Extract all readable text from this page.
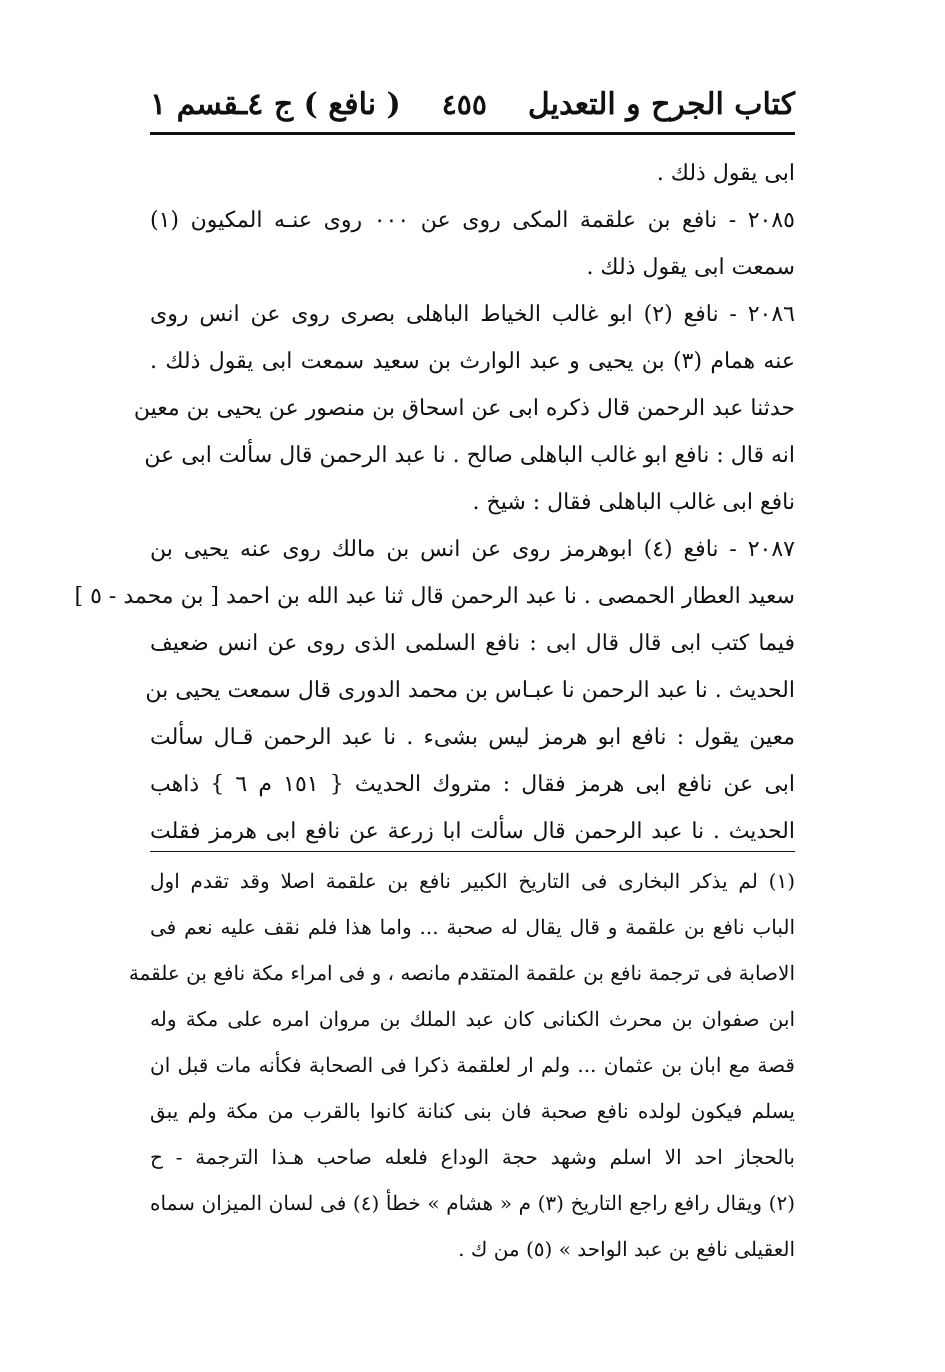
كتاب الجرح و التعديل
٤٥٥
( نافع ) ج ٤ـقسم ١
ابى يقول ذلك .
٢٠٨٥ - نافع بن علقمة المكى روى عن ٠٠٠ روى عنـه المكيون (١)
سمعت ابى يقول ذلك .
٢٠٨٦ - نافع (٢) ابو غالب الخياط الباهلى بصرى روى عن انس روى
عنه همام (٣) بن يحيى و عبد الوارث بن سعيد سمعت ابى يقول ذلك .
حدثنا عبد الرحمن قال ذكره ابى عن اسحاق بن منصور عن يحيى بن معين
انه قال : نافع ابو غالب الباهلى صالح . نا عبد الرحمن قال سألت ابى عن
نافع ابى غالب الباهلى فقال : شيخ .
٢٠٨٧ - نافع (٤) ابوهرمز روى عن انس بن مالك روى عنه يحيى بن
سعيد العطار الحمصى . نا عبد الرحمن قال ثنا عبد الله بن احمد [ بن محمد - ٥ ]
فيما كتب ابى قال قال ابى : نافع السلمى الذى روى عن انس ضعيف
الحديث . نا عبد الرحمن نا عبـاس بن محمد الدورى قال سمعت يحيى بن
معين يقول : نافع ابو هرمز ليس بشىء . نا عبد الرحمن قـال سألت
ابى عن نافع ابى هرمز فقال : متروك الحديث { ١٥١ م ٦ } ذاهب
الحديث . نا عبد الرحمن قال سألت ابا زرعة عن نافع ابى هرمز فقلت
(١) لم يذكر البخارى فى التاريخ الكبير نافع بن علقمة اصلا وقد تقدم اول
الباب نافع بن علقمة و قال يقال له صحبة ... واما هذا فلم نقف عليه نعم فى
الاصابة فى ترجمة نافع بن علقمة المتقدم مانصه ، و فى امراء مكة نافع بن علقمة
ابن صفوان بن محرث الكنانى كان عبد الملك بن مروان امره على مكة وله
قصة مع ابان بن عثمان ... ولم ار لعلقمة ذكرا فى الصحابة فكأنه مات قبل ان
يسلم فيكون لولده نافع صحبة فان بنى كنانة كانوا بالقرب من مكة ولم يبق
بالحجاز احد الا اسلم وشهد حجة الوداع فلعله صاحب هـذا الترجمة - ح
(٢) ويقال رافع راجع التاريخ (٣) م « هشام » خطأ (٤) فى لسان الميزان سماه
العقيلى نافع بن عبد الواحد » (٥) من ك .
